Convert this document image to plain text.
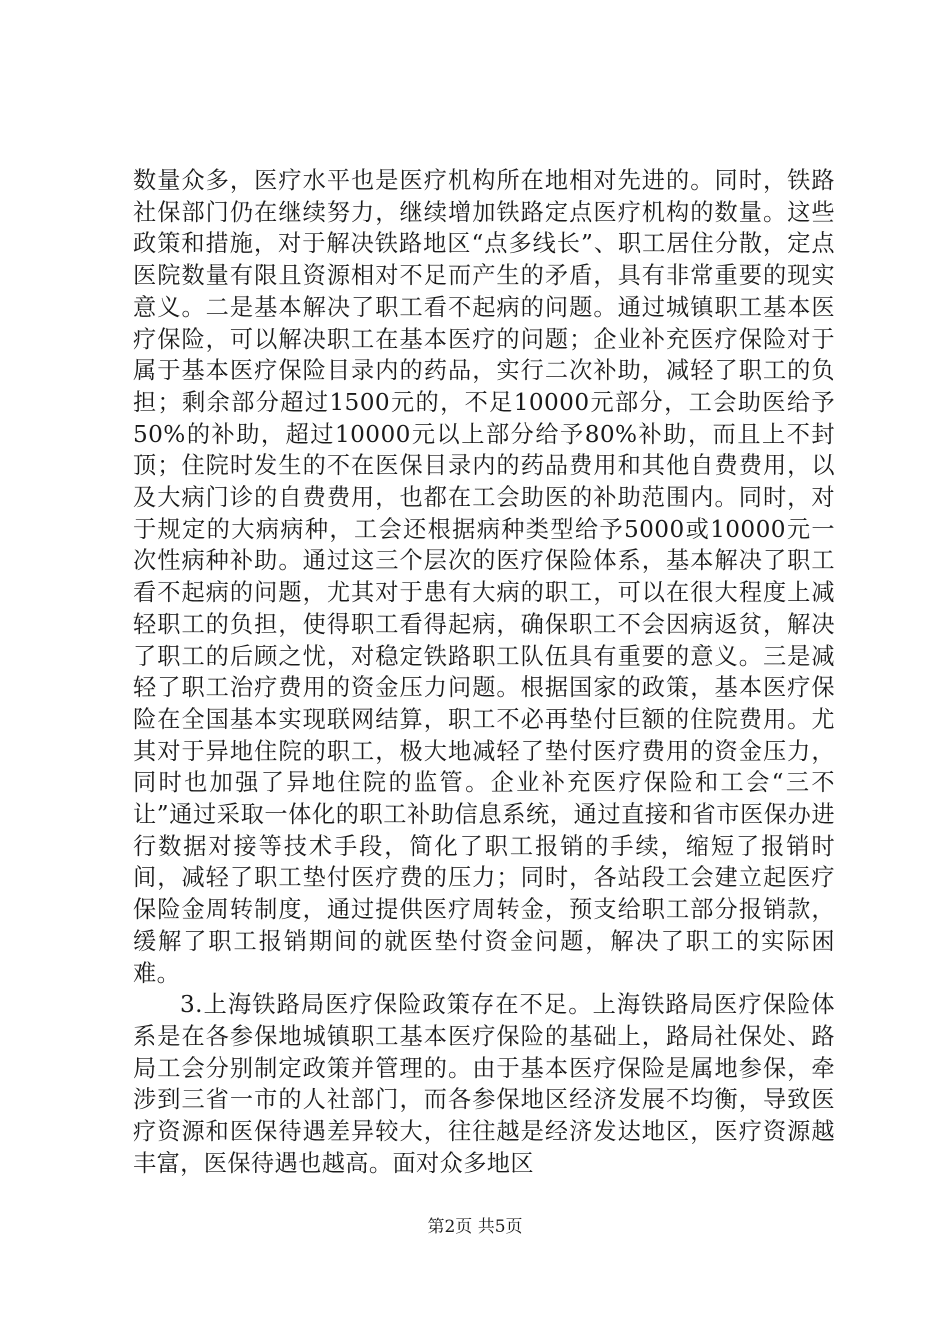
数量众多，医疗水平也是医疗机构所在地相对先进的。同时，铁路社保部门仍在继续努力，继续增加铁路定点医疗机构的数量。这些政策和措施，对于解决铁路地区“点多线长”、职工居住分散，定点医院数量有限且资源相对不足而产生的矛盾，具有非常重要的现实意义。二是基本解决了职工看不起病的问题。通过城镇职工基本医疗保险，可以解决职工在基本医疗的问题；企业补充医疗保险对于属于基本医疗保险目录内的药品，实行二次补助，减轻了职工的负担；剩余部分超过1500元的，不足10000元部分，工会助医给予50%的补助，超过10000元以上部分给予80%补助，而且上不封顶；住院时发生的不在医保目录内的药品费用和其他自费费用，以及大病门诊的自费费用，也都在工会助医的补助范围内。同时，对于规定的大病病种，工会还根据病种类型给予5000或10000元一次性病种补助。通过这三个层次的医疗保险体系，基本解决了职工看不起病的问题，尤其对于患有大病的职工，可以在很大程度上减轻职工的负担，使得职工看得起病，确保职工不会因病返贫，解决了职工的后顾之忧，对稳定铁路职工队伍具有重要的意义。三是减轻了职工治疗费用的资金压力问题。根据国家的政策，基本医疗保险在全国基本实现联网结算，职工不必再垫付巨额的住院费用。尤其对于异地住院的职工，极大地减轻了垫付医疗费用的资金压力，同时也加强了异地住院的监管。企业补充医疗保险和工会“三不让”通过采取一体化的职工补助信息系统，通过直接和省市医保办进行数据对接等技术手段，简化了职工报销的手续，缩短了报销时间，减轻了职工垫付医疗费的压力；同时，各站段工会建立起医疗保险金周转制度，通过提供医疗周转金，预支给职工部分报销款，缓解了职工报销期间的就医垫付资金问题，解决了职工的实际困难。

3.上海铁路局医疗保险政策存在不足。上海铁路局医疗保险体系是在各参保地城镇职工基本医疗保险的基础上，路局社保处、路局工会分别制定政策并管理的。由于基本医疗保险是属地参保，牵涉到三省一市的人社部门，而各参保地区经济发展不均衡，导致医疗资源和医保待遇差异较大，往往越是经济发达地区，医疗资源越丰富，医保待遇也越高。面对众多地区

第2页 共5页
